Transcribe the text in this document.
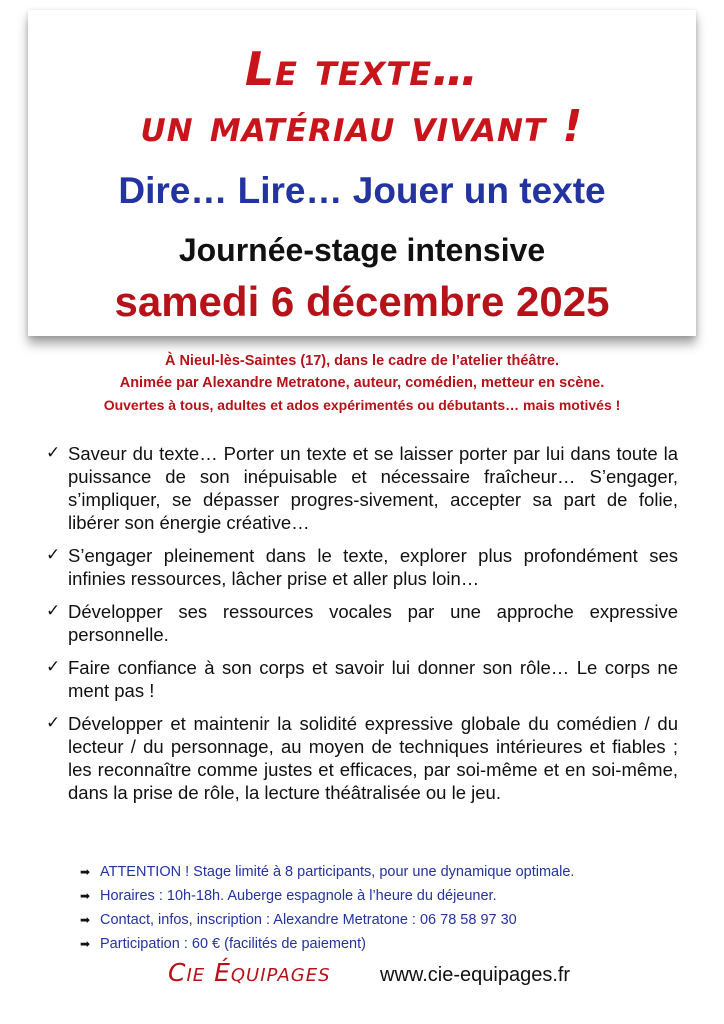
Le texte…
un matériau vivant !
Dire… Lire… Jouer un texte
Journée-stage intensive
samedi 6 décembre 2025
À Nieul-lès-Saintes (17), dans le cadre de l’atelier théâtre.
Animée par Alexandre Metratone, auteur, comédien, metteur en scène.
Ouvertes à tous, adultes et ados expérimentés ou débutants… mais motivés !
✓ Saveur du texte… Porter un texte et se laisser porter par lui dans toute la puissance de son inépuisable et nécessaire fraîcheur… S’engager, s’impliquer, se dépasser progres-sivement, accepter sa part de folie, libérer son énergie créative…
✓ S’engager pleinement dans le texte, explorer plus profondément ses infinies ressources, lâcher prise et aller plus loin…
✓ Développer ses ressources vocales par une approche expressive personnelle.
✓ Faire confiance à son corps et savoir lui donner son rôle… Le corps ne ment pas !
✓ Développer et maintenir la solidité expressive globale du comédien / du lecteur / du personnage, au moyen de techniques intérieures et fiables ; les reconnaître comme justes et efficaces, par soi-même et en soi-même, dans la prise de rôle, la lecture théâtralisée ou le jeu.
➡ ATTENTION ! Stage limité à 8 participants, pour une dynamique optimale.
➡ Horaires : 10h-18h. Auberge espagnole à l’heure du déjeuner.
➡ Contact, infos, inscription : Alexandre Metratone : 06 78 58 97 30
➡ Participation : 60 € (facilités de paiement)
Cie Équipages www.cie-equipages.fr
